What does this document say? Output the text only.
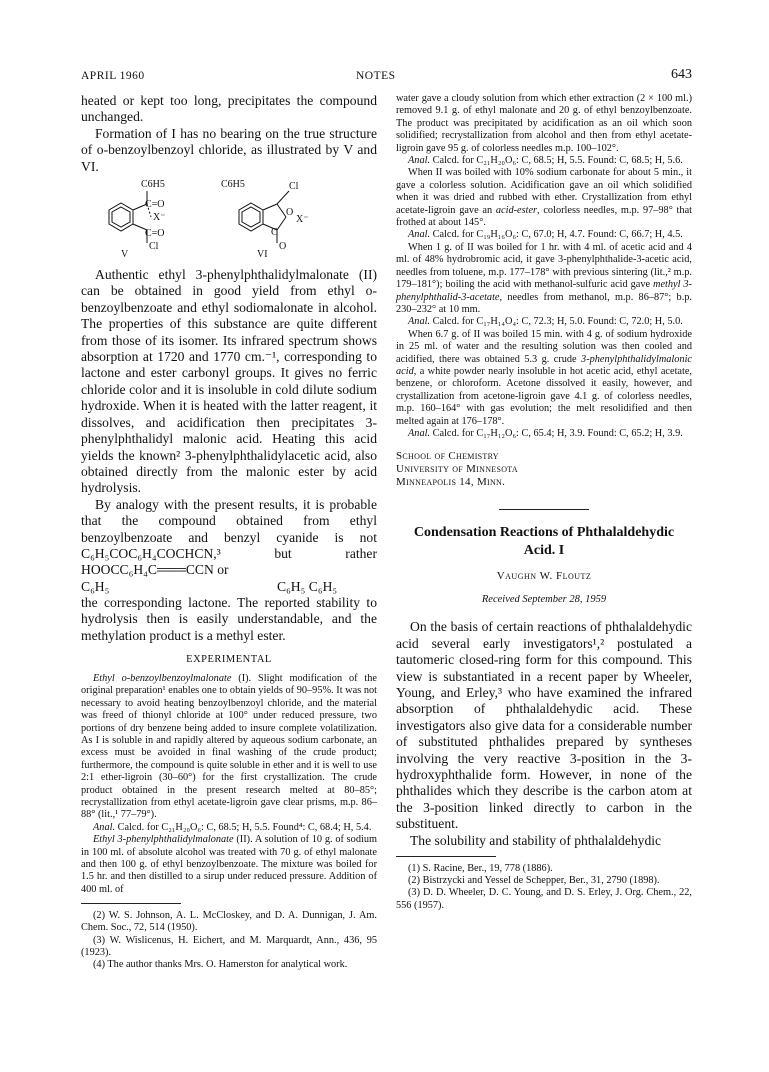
APRIL 1960	NOTES	643

heated or kept too long, precipitates the compound unchanged.

Formation of I has no bearing on the true structure of o-benzoylbenzoyl chloride, as illustrated by V and VI.

C6H5
C=O
X⁻
C=O
Cl
V
C6H5	Cl
O
X⁻
C
O
VI

Authentic ethyl 3-phenylphthalidylmalonate (II) can be obtained in good yield from ethyl o-benzoylbenzoate and ethyl sodiomalonate in alcohol. The properties of this substance are quite different from those of its isomer. Its infrared spectrum shows absorption at 1720 and 1770 cm.⁻¹, corresponding to lactone and ester carbonyl groups. It gives no ferric chloride color and it is insoluble in cold dilute sodium hydroxide. When it is heated with the latter reagent, it dissolves, and acidification then precipitates 3-phenylphthalidyl malonic acid. Heating this acid yields the known² 3-phenylphthalidylacetic acid, also obtained directly from the malonic ester by acid hydrolysis.

By analogy with the present results, it is probable that the compound obtained from ethyl benzoylbenzoate and benzyl cyanide is not C₆H₅COC₆H₄COCHCN,³ but rather HOOCC₆H₄C═══CCN or

C₆H₅	C₆H₅ C₆H₅

the corresponding lactone. The reported stability to hydrolysis then is easily understandable, and the methylation product is a methyl ester.

EXPERIMENTAL

Ethyl o-benzoylbenzoylmalonate (I). Slight modification of the original preparation¹ enables one to obtain yields of 90–95%. It was not necessary to avoid heating benzoylbenzoyl chloride, and the material was freed of thionyl chloride at 100° under reduced pressure, two portions of dry benzene being added to insure complete volatilization. As I is soluble in and rapidly altered by aqueous sodium carbonate, an excess must be avoided in final washing of the crude product; furthermore, the compound is quite soluble in ether and it is well to use 2:1 ether-ligroin (30–60°) for the first crystallization. The crude product obtained in the present research melted at 80–85°; recrystallization from ethyl acetate-ligroin gave clear prisms, m.p. 86–88° (lit.,¹ 77–79°).

Anal. Calcd. for C₂₁H₂₀O₆: C, 68.5; H, 5.5. Found⁴: C, 68.4; H, 5.4.

Ethyl 3-phenylphthalidylmalonate (II). A solution of 10 g. of sodium in 100 ml. of absolute alcohol was treated with 70 g. of ethyl malonate and then 100 g. of ethyl benzoylbenzoate. The mixture was boiled for 1.5 hr. and then distilled to a sirup under reduced pressure. Addition of 400 ml. of

(2) W. S. Johnson, A. L. McCloskey, and D. A. Dunnigan, J. Am. Chem. Soc., 72, 514 (1950).

(3) W. Wislicenus, H. Eichert, and M. Marquardt, Ann., 436, 95 (1923).

(4) The author thanks Mrs. O. Hamerston for analytical work.

water gave a cloudy solution from which ether extraction (2 × 100 ml.) removed 9.1 g. of ethyl malonate and 20 g. of ethyl benzoylbenzoate. The product was precipitated by acidification as an oil which soon solidified; recrystallization from alcohol and then from ethyl acetate-ligroin gave 95 g. of colorless needles m.p. 100–102°.

Anal. Calcd. for C₂₁H₂₀O₆: C, 68.5; H, 5.5. Found: C, 68.5; H, 5.6.

When II was boiled with 10% sodium carbonate for about 5 min., it gave a colorless solution. Acidification gave an oil which solidified when it was dried and rubbed with ether. Crystallization from ethyl acetate-ligroin gave an acid-ester, colorless needles, m.p. 97–98° that frothed at about 145°.

Anal. Calcd. for C₁₉H₁₆O₆: C, 67.0; H, 4.7. Found: C, 66.7; H, 4.5.

When 1 g. of II was boiled for 1 hr. with 4 ml. of acetic acid and 4 ml. of 48% hydrobromic acid, it gave 3-phenylphthalide-3-acetic acid, needles from toluene, m.p. 177–178° with previous sintering (lit.,² m.p. 179–181°); boiling the acid with methanol-sulfuric acid gave methyl 3-phenylphthalid-3-acetate, needles from methanol, m.p. 86–87°; b.p. 230–232° at 10 mm.

Anal. Calcd. for C₁₇H₁₄O₄: C, 72.3; H, 5.0. Found: C, 72.0; H, 5.0.

When 6.7 g. of II was boiled 15 min. with 4 g. of sodium hydroxide in 25 ml. of water and the resulting solution was then cooled and acidified, there was obtained 5.3 g. crude 3-phenylphthalidylmalonic acid, a white powder nearly insoluble in hot acetic acid, ethyl acetate, benzene, or chloroform. Acetone dissolved it easily, however, and crystallization from acetone-ligroin gave 4.1 g. of colorless needles, m.p. 160–164° with gas evolution; the melt resolidified and then melted again at 176–178°.

Anal. Calcd. for C₁₇H₁₂O₆: C, 65.4; H, 3.9. Found: C, 65.2; H, 3.9.

School of Chemistry
University of Minnesota
Minneapolis 14, Minn.
Condensation Reactions of Phthalaldehydic
Acid. I
Vaughn W. Floutz
Received September 28, 1959

On the basis of certain reactions of phthalaldehydic acid several early investigators¹,² postulated a tautomeric closed-ring form for this compound. This view is substantiated in a recent paper by Wheeler, Young, and Erley,³ who have examined the infrared absorption of phthalaldehydic acid. These investigators also give data for a considerable number of substituted phthalides prepared by syntheses involving the very reactive 3-position in the 3-hydroxyphthalide form. However, in none of the phthalides which they describe is the carbon atom at the 3-position linked directly to carbon in the substituent.

The solubility and stability of phthalaldehydic

(1) S. Racine, Ber., 19, 778 (1886).

(2) Bistrzycki and Yessel de Schepper, Ber., 31, 2790 (1898).

(3) D. D. Wheeler, D. C. Young, and D. S. Erley, J. Org. Chem., 22, 556 (1957).
